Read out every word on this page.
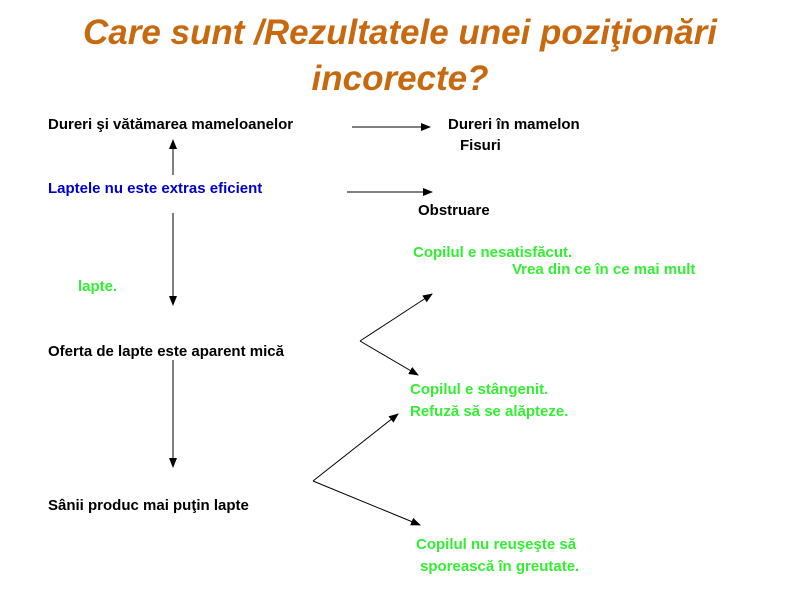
Care sunt /Rezultatele unei poziţionări
incorecte?
Dureri şi vătămarea mameloanelor	Dureri în mamelon
Fisuri
Laptele nu este extras eficient
Obstruare
Copilul e nesatisfăcut.
Vrea din ce în ce mai mult
lapte.
Oferta de lapte este aparent mică
Copilul e stângenit.
Refuză să se alăpteze.
Sânii produc mai puţin lapte
Copilul nu reuşeşte să
sporească în greutate.
